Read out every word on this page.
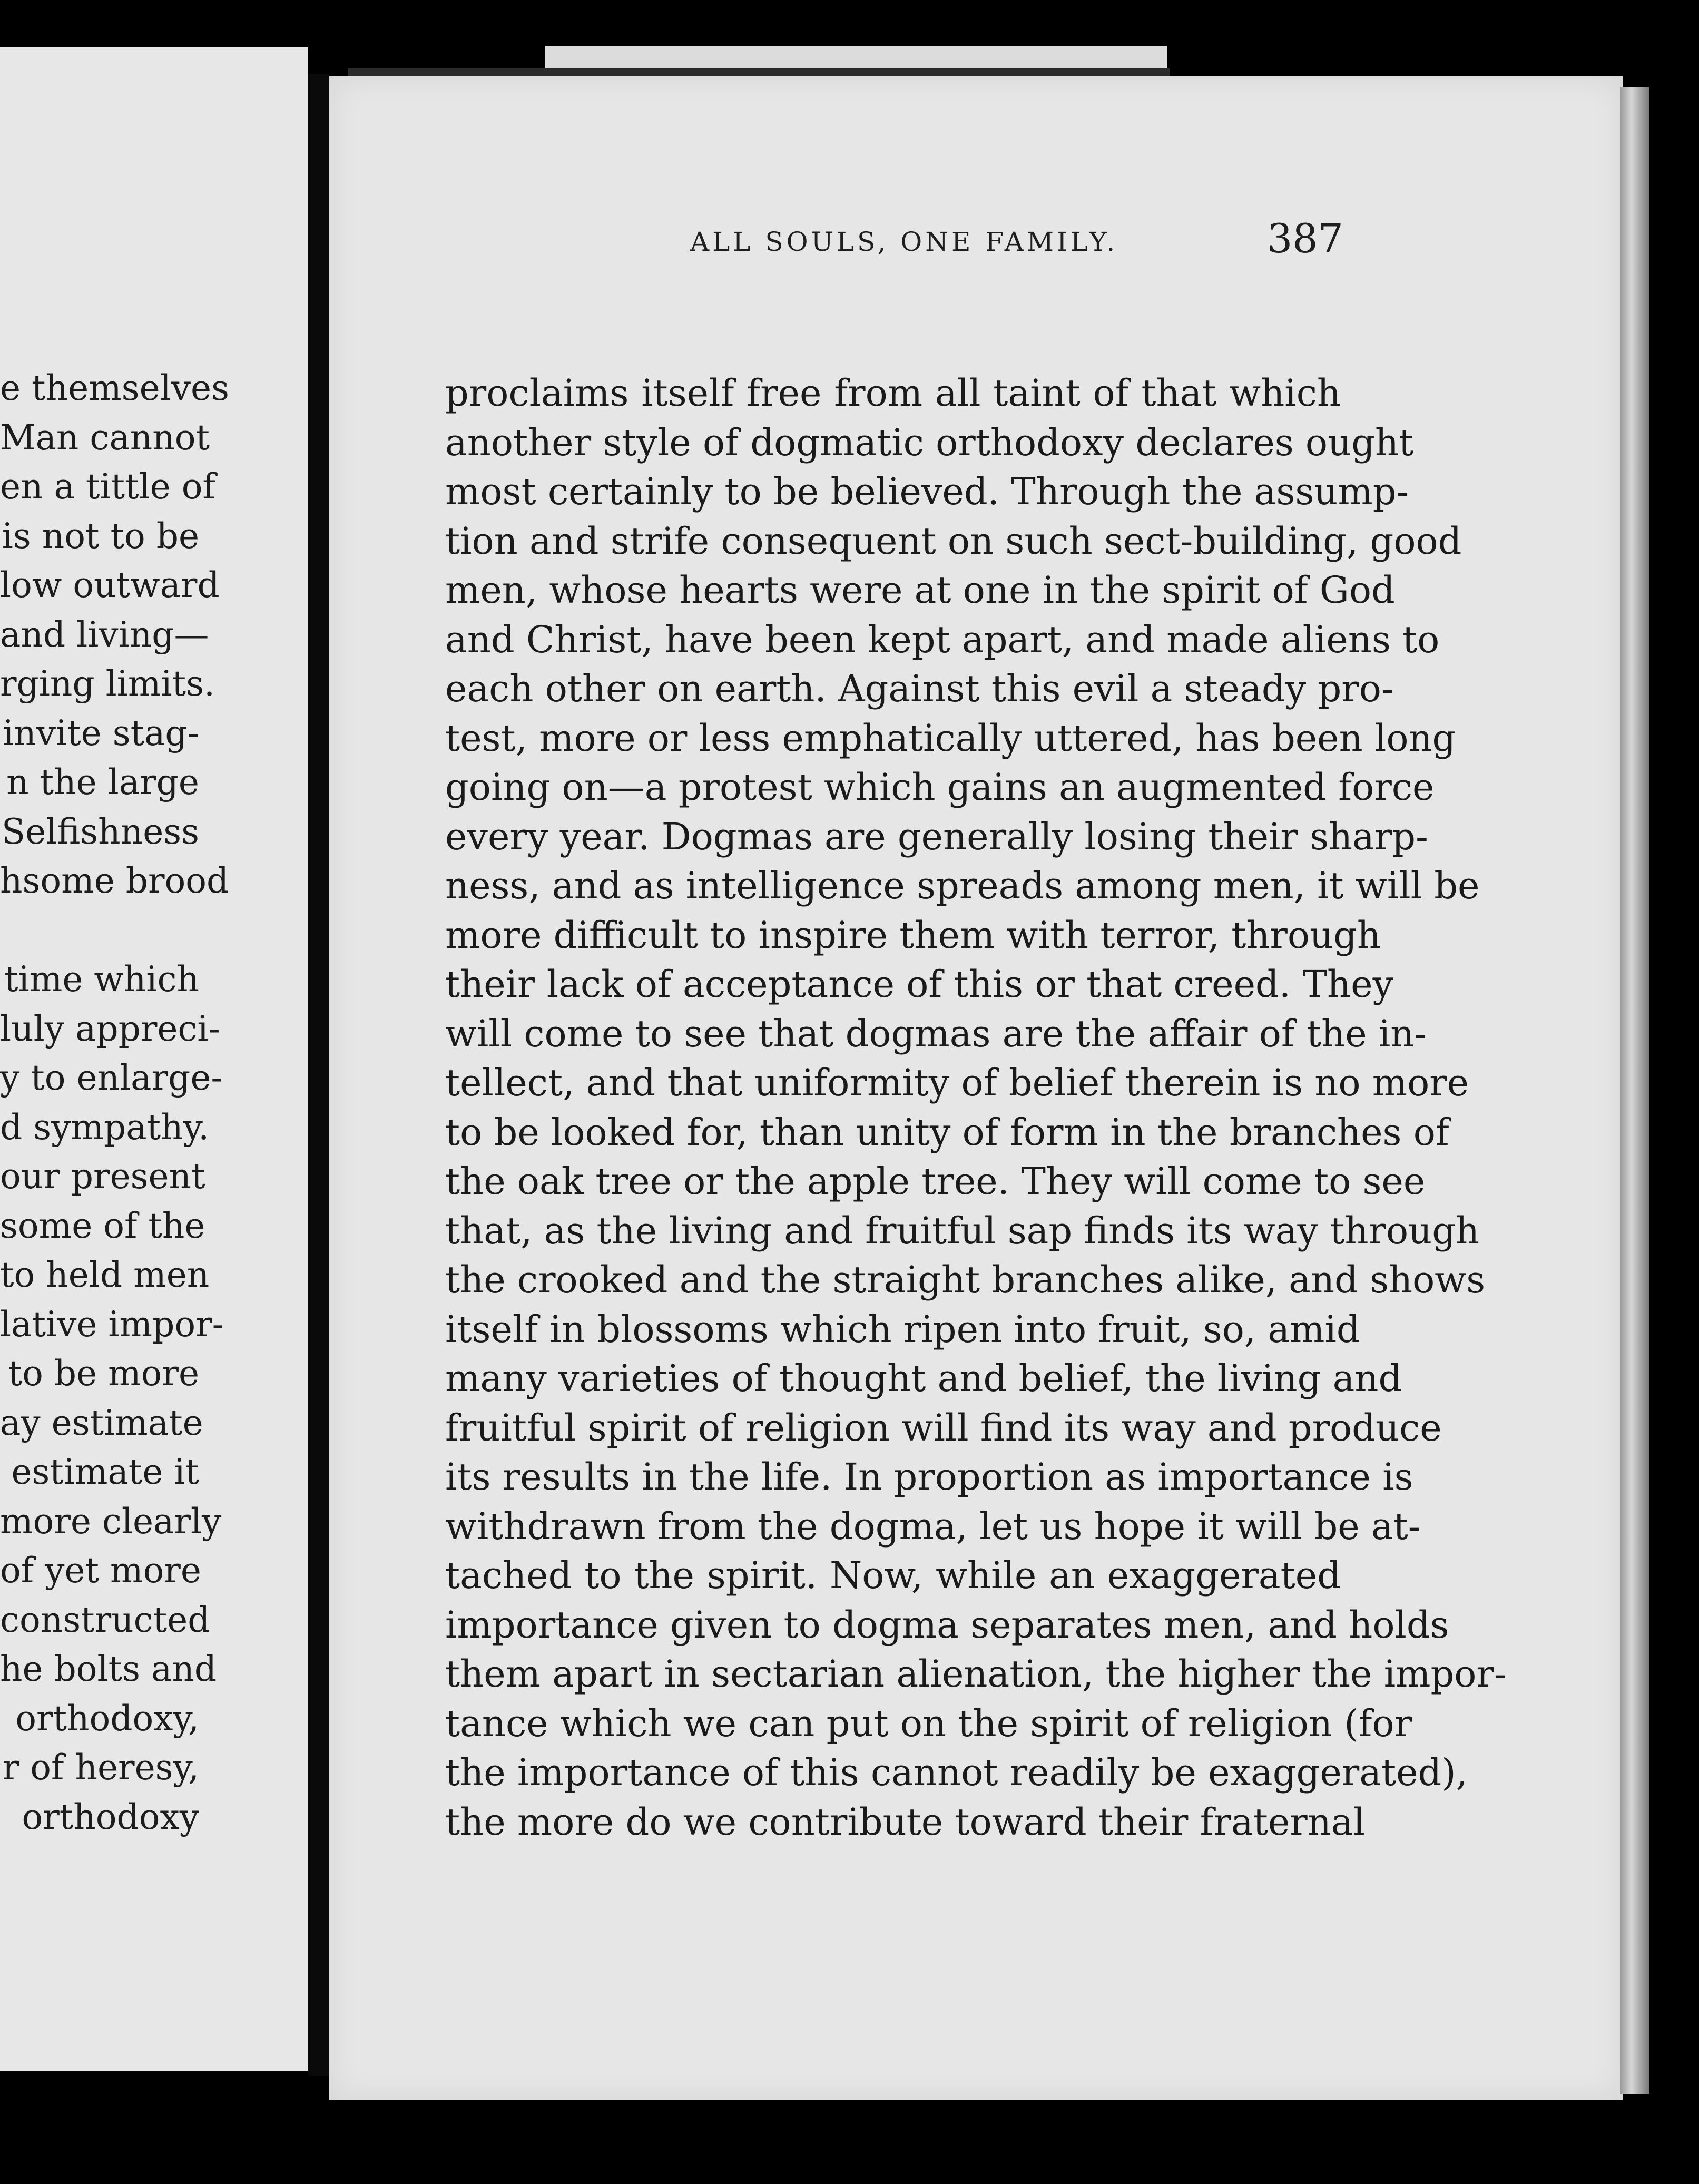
e themselves
Man cannot
en a tittle of
is not to be
low outward
and living—
rging limits.
invite stag-
n the large
Selfishness
hsome brood
time which
luly appreci-
y to enlarge-
d sympathy.
our present
some of the
to held men
lative impor-
to be more
ay estimate
estimate it
more clearly
of yet more
constructed
he bolts and
orthodoxy,
r of heresy,
orthodoxy
ALL SOULS, ONE FAMILY.	387
proclaims itself free from all taint of that which
another style of dogmatic orthodoxy declares ought
most certainly to be believed. Through the assump-
tion and strife consequent on such sect-building, good
men, whose hearts were at one in the spirit of God
and Christ, have been kept apart, and made aliens to
each other on earth. Against this evil a steady pro-
test, more or less emphatically uttered, has been long
going on—a protest which gains an augmented force
every year. Dogmas are generally losing their sharp-
ness, and as intelligence spreads among men, it will be
more difficult to inspire them with terror, through
their lack of acceptance of this or that creed. They
will come to see that dogmas are the affair of the in-
tellect, and that uniformity of belief therein is no more
to be looked for, than unity of form in the branches of
the oak tree or the apple tree. They will come to see
that, as the living and fruitful sap finds its way through
the crooked and the straight branches alike, and shows
itself in blossoms which ripen into fruit, so, amid
many varieties of thought and belief, the living and
fruitful spirit of religion will find its way and produce
its results in the life. In proportion as importance is
withdrawn from the dogma, let us hope it will be at-
tached to the spirit. Now, while an exaggerated
importance given to dogma separates men, and holds
them apart in sectarian alienation, the higher the impor-
tance which we can put on the spirit of religion (for
the importance of this cannot readily be exaggerated),
the more do we contribute toward their fraternal
